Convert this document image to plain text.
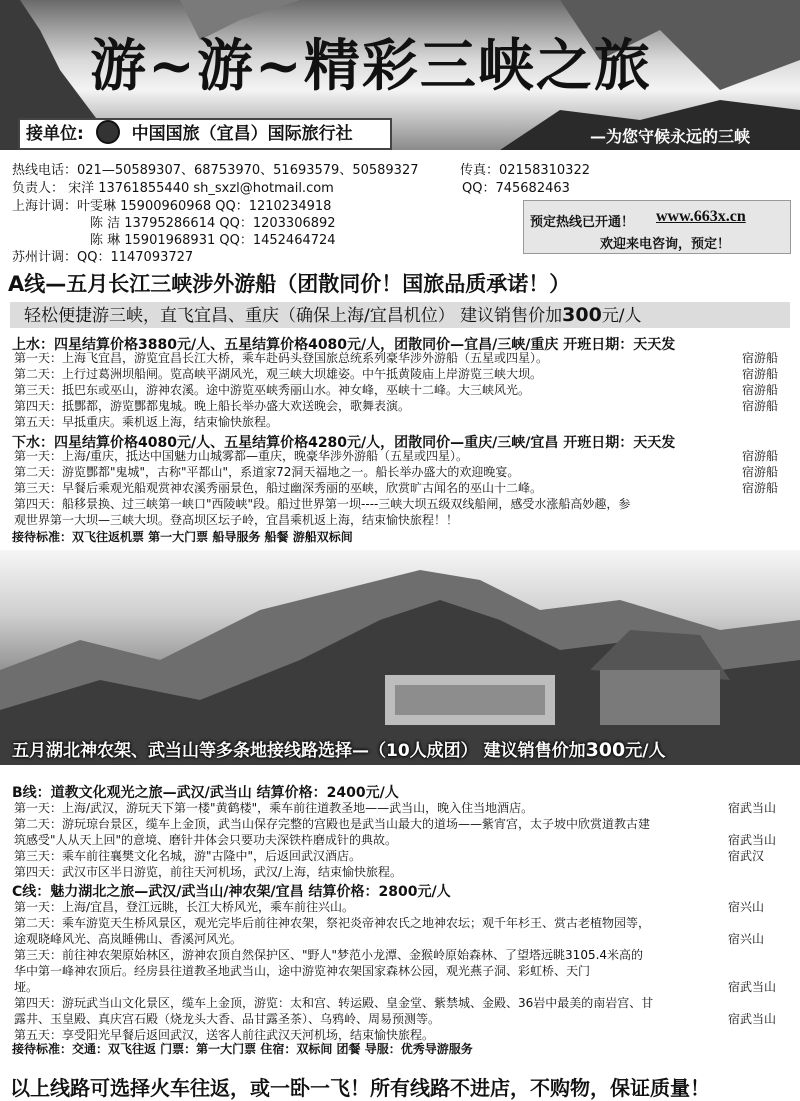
游~游~精彩三峡之旅
接单位:	中国国旅（宜昌）国际旅行社	—为您守候永远的三峡
热线电话：021—50589307、68753970、51693579、50589327	传真：02158310322
负责人： 宋洋 13761855440 sh_sxzl@hotmail.com	QQ：745682463
上海计调：叶雯琳 15900960968 QQ：1210234918
陈 洁 13795286614 QQ：1203306892
陈 琳 15901968931 QQ：1452464724
苏州计调：QQ：1147093727
预定热线已开通！ www.663x.cn
欢迎来电咨询，预定！
A线—五月长江三峡涉外游船（团散同价！国旅品质承诺！）
轻松便捷游三峡，直飞宜昌、重庆（确保上海/宜昌机位） 建议销售价加300元/人
上水：四星结算价格3880元/人、五星结算价格4080元/人，团散同价—宜昌/三峡/重庆 开班日期：天天发
第一天：上海飞宜昌，游览宜昌长江大桥，乘车赴码头登国旅总统系列豪华涉外游船（五星或四星）。	宿游船
第二天：上行过葛洲坝船闸。览高峡平湖风光，观三峡大坝雄姿。中午抵黄陵庙上岸游览三峡大坝。	宿游船
第三天：抵巴东或巫山，游神农溪。途中游览巫峡秀丽山水。神女峰，巫峡十二峰。大三峡风光。	宿游船
第四天：抵酆都，游览酆都鬼城。晚上船长举办盛大欢送晚会，歌舞表演。	宿游船
第五天：早抵重庆。乘机返上海，结束愉快旅程。
下水：四星结算价格4080元/人、五星结算价格4280元/人，团散同价—重庆/三峡/宜昌 开班日期：天天发
第一天：上海/重庆，抵达中国魅力山城雾都—重庆，晚豪华涉外游船（五星或四星）。	宿游船
第二天：游览酆都"鬼城"，古称"平都山"，系道家72洞天福地之一。船长举办盛大的欢迎晚宴。	宿游船
第三天：早餐后乘观光船观赏神农溪秀丽景色，船过幽深秀丽的巫峡，欣赏旷古闻名的巫山十二峰。	宿游船
第四天：船移景换、过三峡第一峡口"西陵峡"段。船过世界第一坝----三峡大坝五级双线船闸，感受水涨船高妙趣，参
观世界第一大坝—三峡大坝。登高坝区坛子岭，宜昌乘机返上海，结束愉快旅程！！
接待标准：双飞往返机票 第一大门票 船导服务 船餐 游船双标间
五月湖北神农架、武当山等多条地接线路选择—（10人成团） 建议销售价加300元/人
B线：道教文化观光之旅—武汉/武当山 结算价格：2400元/人
第一天：上海/武汉，游玩天下第一楼"黄鹤楼"，乘车前往道教圣地——武当山，晚入住当地酒店。	宿武当山
第二天：游玩琼台景区，缆车上金顶，武当山保存完整的宫殿也是武当山最大的道场——紫宵宫，太子坡中欣赏道教古建
筑感受"人从天上回"的意境、磨针井体会只要功夫深铁杵磨成针的典故。	宿武当山
第三天：乘车前往襄樊文化名城，游"古隆中"，后返回武汉酒店。	宿武汉
第四天：武汉市区半日游览，前往天河机场，武汉/上海，结束愉快旅程。
C线：魅力湖北之旅—武汉/武当山/神农架/宜昌 结算价格：2800元/人
第一天：上海/宜昌，登江远眺，长江大桥风光，乘车前往兴山。	宿兴山
第二天：乘车游览天生桥风景区，观光完毕后前往神农架，祭祀炎帝神农氏之地神农坛；观千年杉王、赏古老植物园等，
途观晓峰风光、高岚睡佛山、香溪河风光。	宿兴山
第三天：前往神农架原始林区，游神农顶自然保护区、"野人"梦范小龙潭、金猴岭原始森林、了望塔远眺3105.4米高的
华中第一峰神农顶后。经房县往道教圣地武当山，途中游览神农架国家森林公园，观光燕子洞、彩虹桥、天门
垭。	宿武当山
第四天：游玩武当山文化景区，缆车上金顶，游览：太和宫、转运殿、皇金堂、紫禁城、金殿、36岩中最美的南岩宫、甘
露井、玉皇殿、真庆宫石殿（烧龙头大香、品甘露圣茶）、乌鸦岭、周易预测等。	宿武当山
第五天：享受阳光早餐后返回武汉，送客人前往武汉天河机场，结束愉快旅程。
接待标准：交通：双飞往返 门票：第一大门票 住宿：双标间 团餐 导服：优秀导游服务
以上线路可选择火车往返，或一卧一飞！所有线路不进店，不购物，保证质量！
